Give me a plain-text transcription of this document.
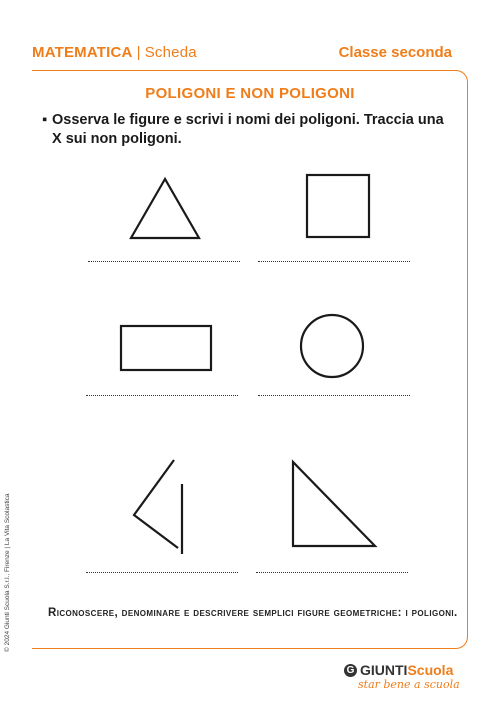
MATEMATICA | Scheda	Classe seconda
POLIGONI E NON POLIGONI
▪ Osserva le figure e scrivi i nomi dei poligoni. Traccia una X sui non poligoni.
Riconoscere, denominare e descrivere semplici figure geometriche: i poligoni.
© 2024 Giunti Scuola S.r.l., Firenze | La Vita Scolastica
G GIUNTI Scuola
star bene a scuola
